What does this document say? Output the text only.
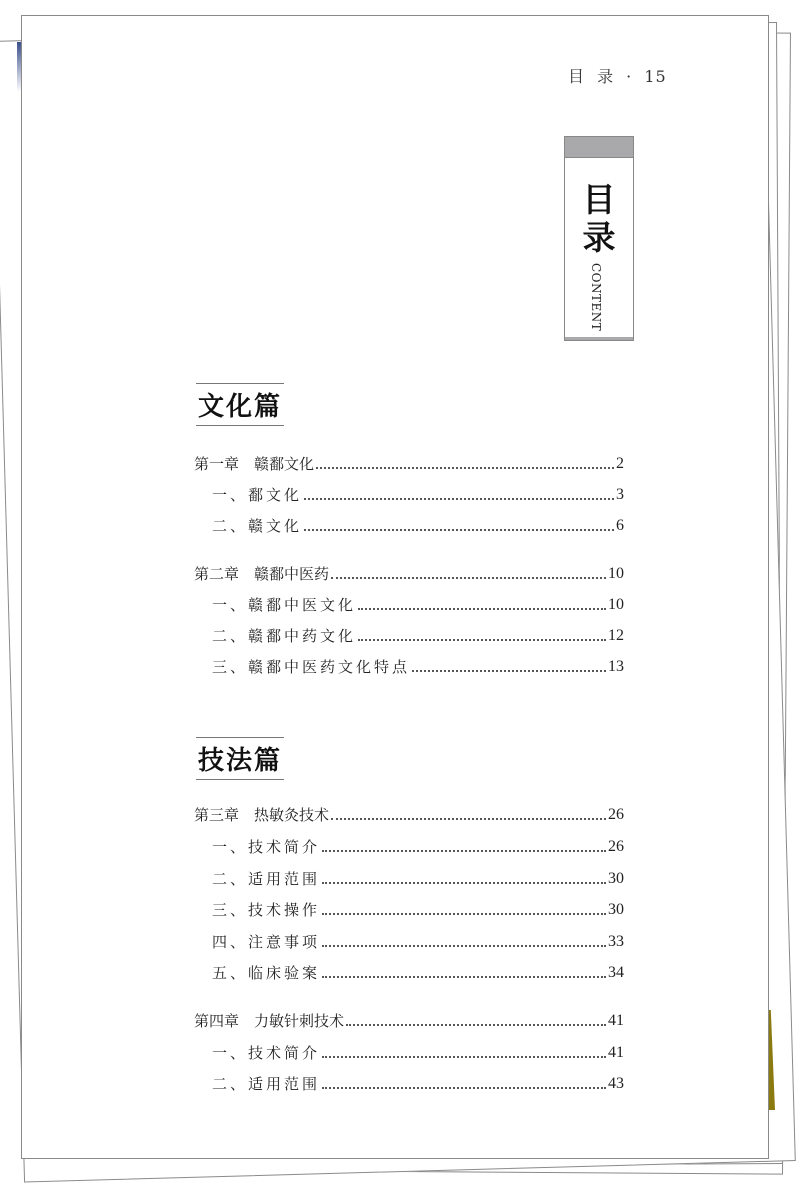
目 录 · 15
目
录
CONTENT
文化篇
第一章　赣鄱文化	2
一、鄱文化	3
二、赣文化	6
第二章　赣鄱中医药	10
一、赣鄱中医文化	10
二、赣鄱中药文化	12
三、赣鄱中医药文化特点	13
技法篇
第三章　热敏灸技术	26
一、技术简介	26
二、适用范围	30
三、技术操作	30
四、注意事项	33
五、临床验案	34
第四章　力敏针刺技术	41
一、技术简介	41
二、适用范围	43
